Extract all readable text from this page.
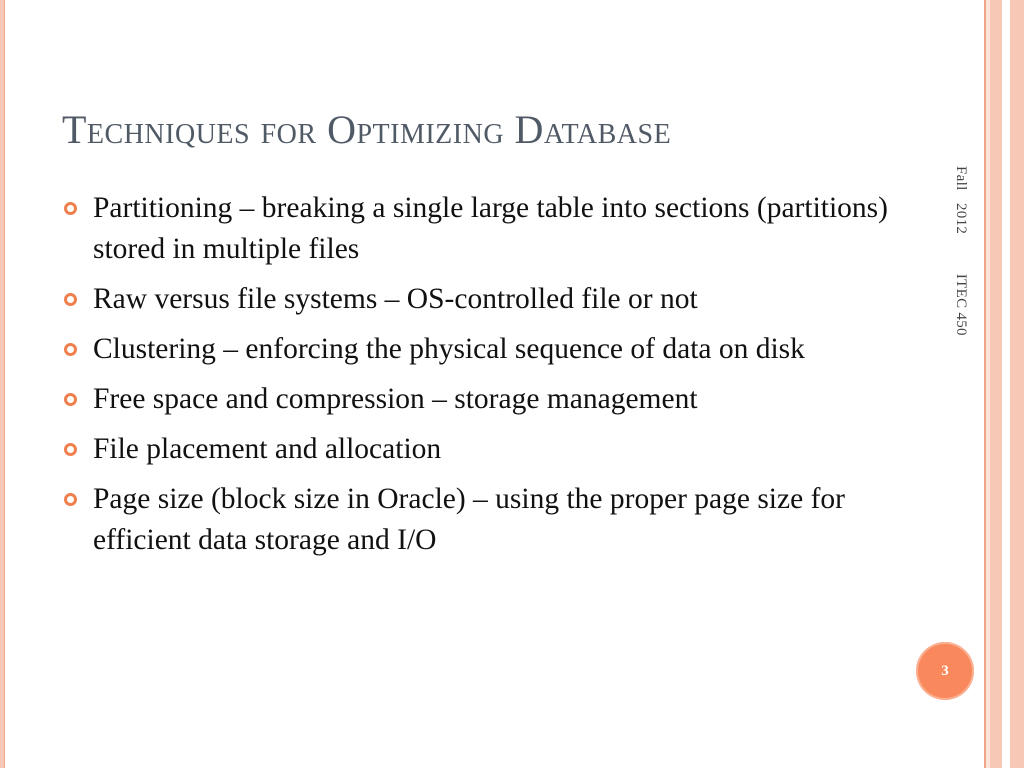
Techniques for Optimizing Database
Partitioning – breaking a single large table into sections (partitions) stored in multiple files
Raw versus file systems – OS-controlled file or not
Clustering – enforcing the physical sequence of data on disk
Free space and compression – storage management
File placement and allocation
Page size (block size in Oracle) – using the proper page size for efficient data storage and I/O
Fall 2012 ITEC 450
3
